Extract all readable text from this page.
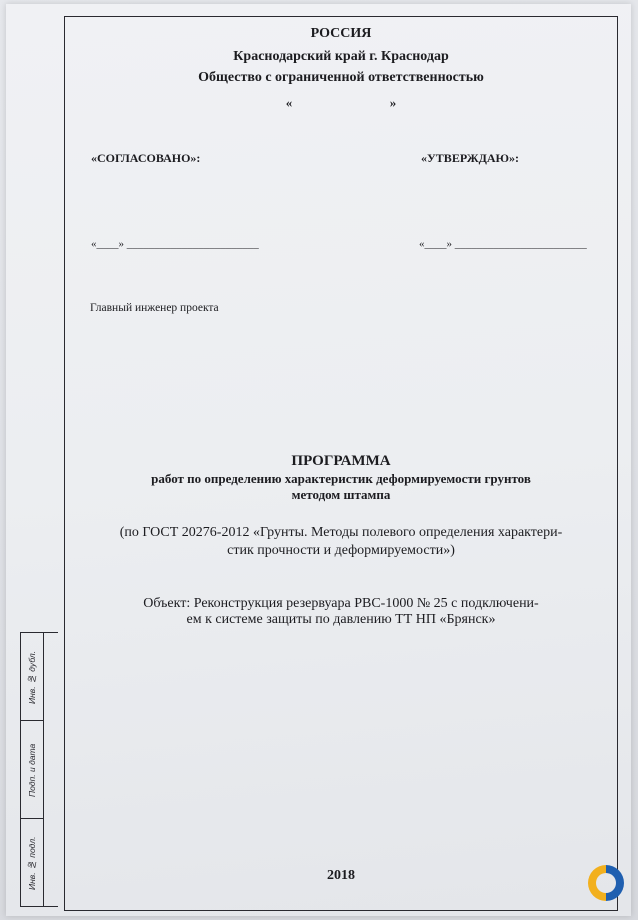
РОССИЯ
Краснодарский край г. Краснодар
Общество с ограниченной ответственностью
«                              »
«СОГЛАСОВАНО»:	«УТВЕРЖДАЮ»:
«____» ________________________	«____» ________________________
Главный инженер проекта
ПРОГРАММА
работ по определению характеристик деформируемости грунтов
методом штампа
(по ГОСТ 20276-2012 «Грунты. Методы полевого определения характери-
стик прочности и деформируемости»)
Объект: Реконструкция резервуара РВС-1000 № 25 с подключени-
ем к системе защиты по давлению ТТ НП «Брянск»
2018
Инв. № дубл.
Подп. и дата
Инв. № подл.
